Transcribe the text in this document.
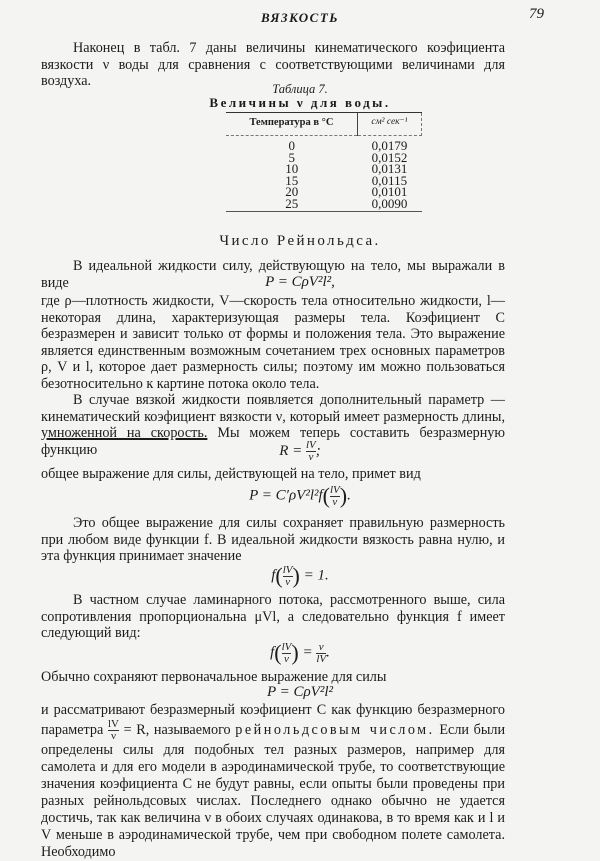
ВЯЗКОСТЬ	79
Наконец в табл. 7 даны величины кинематического коэфициента вязкости ν воды для сравнения с соответствующими величинами для воздуха.	Таблица 7.
Величины ν для воды.
Температура в °C	см² сек⁻¹
0	0,0179
5	0,0152
10	0,0131
15	0,0115
20	0,0101
25	0,0090
Число Рейнольдса.
В идеальной жидкости силу, действующую на тело, мы выражали в виде	P = CρV²l²,
где ρ—плотность жидкости, V—скорость тела относительно жидкости, l—некоторая длина, характеризующая размеры тела. Коэфициент C безразмерен и зависит только от формы и положения тела. Это выражение является единственным возможным сочетанием трех основных параметров ρ, V и l, которое дает размерность силы; поэтому им можно пользоваться безотносительно к картине потока около тела.
В случае вязкой жидкости появляется дополнительный параметр — кинематический коэфициент вязкости ν, который имеет размерность длины, умноженной на скорость. Мы можем теперь составить безразмерную функцию	$R = \frac{lV}{\nu}$ ;
общее выражение для силы, действующей на тело, примет вид
$P = C'\rho V^2l^2f( \frac{lV}{\nu}$ ).
Это общее выражение для силы сохраняет правильную размерность при любом виде функции f. В идеальной жидкости вязкость равна нулю, и эта функция принимает значение
$f( \frac{lV}{\nu}$ ) = 1.
В частном случае ламинарного потока, рассмотренного выше, сила сопротивления пропорциональна μVl, а следовательно функция f имеет следующий вид:
$f( \frac{lV}{\nu}$ ) = $\frac{\nu}{lV}$ .
Обычно сохраняют первоначальное выражение для силы
P = CρV²l²
и рассматривают безразмерный коэфициент C как функцию безразмерного параметра $\frac{lV}{\nu} = R$, называемого рейнольдсовым числом. Если были определены силы для подобных тел разных размеров, например для самолета и для его модели в аэродинамической трубе, то соответствующие значения коэфициента C не будут равны, если опыты были проведены при разных рейнольдсовых числах. Последнего однако обычно не удается достичь, так как величина ν в обоих случаях одинакова, в то время как и l и V меньше в аэродинамической трубе, чем при свободном полете самолета. Необходимо
